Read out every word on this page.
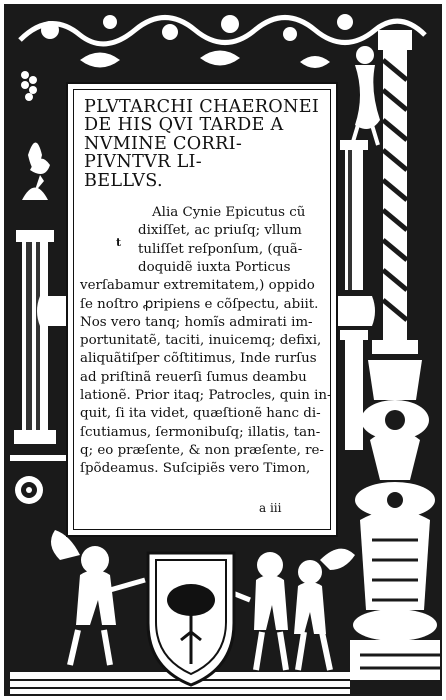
PLVTARCHI CHAERONEI
DE HIS QVI TARDE A
NVMINE CORRI-
PIVNTVR LI-
BELLVS.
Alia Cynie Epicutus cũ
dixiſſet, ac priuſq; vllum
tuliſſet reſponſum, (quã-
doquidẽ iuxta Porticus
verſabamur extremitatem,) oppido
ſe noſtro ꝓripiens e cõſpectu, abiit.
Nos vero tanq; homĩs admirati im-
portunitatẽ, taciti, inuicemq; defixi,
aliquãtiſper cõſtitimus, Inde rurſus
ad priſtinã reuerſi ſumus deambu
lationẽ. Prior itaq; Patrocles, quin in-
quit, ſi ita videt, quæſtionẽ hanc di-
ſcutiamus, ſermonibuſq; illatis, tan-
q; eo præſente, & non præſente, re-
ſpõdeamus. Suſcipiẽs vero Timon,
t
a iii
